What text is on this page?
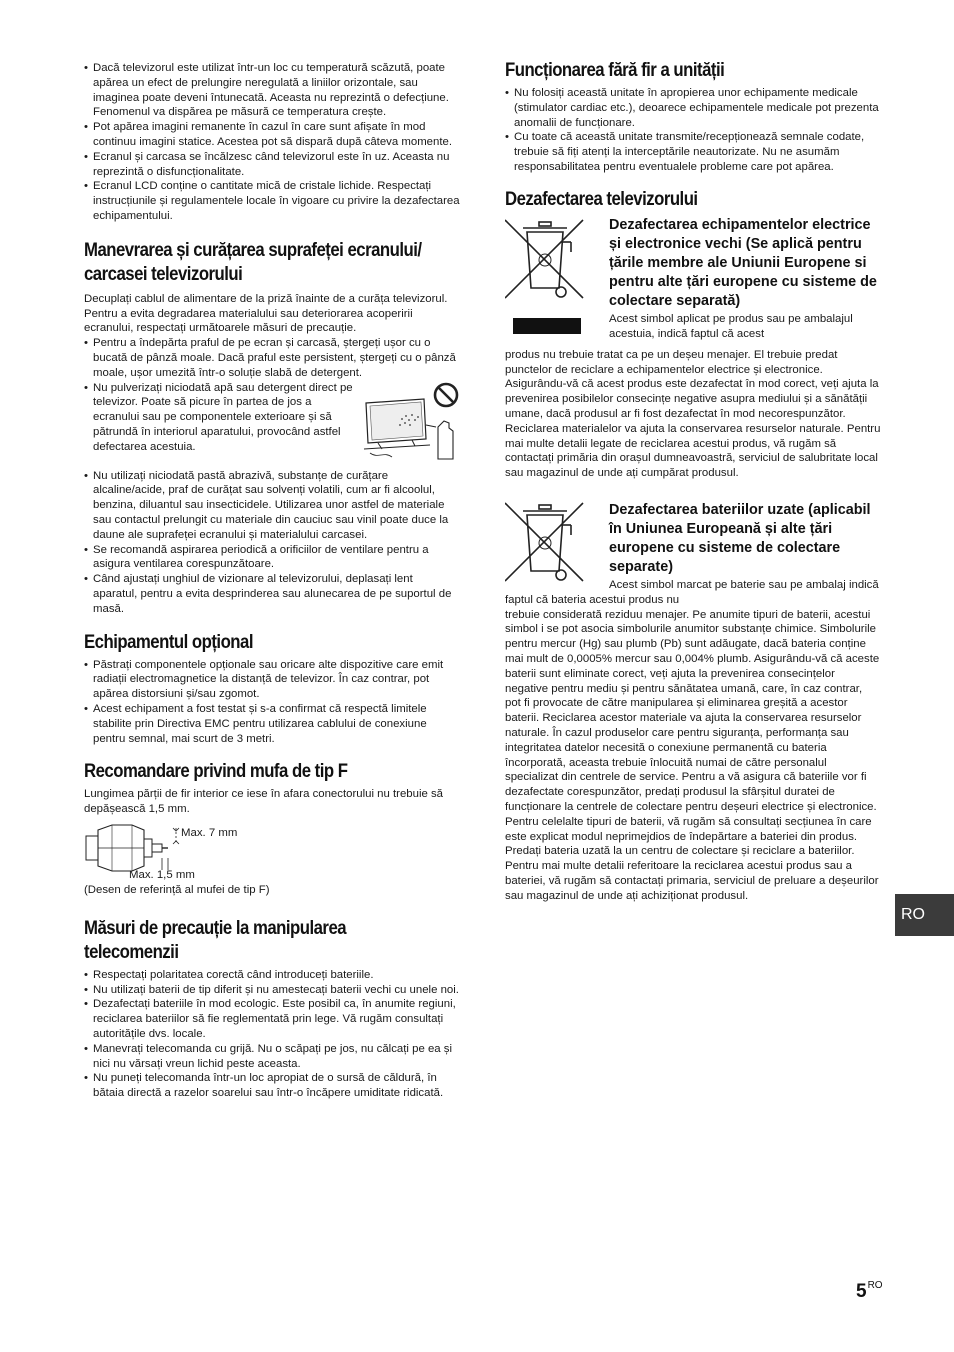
• Dacă televizorul este utilizat într-un loc cu temperatură scăzută, poate apărea un efect de prelungire neregulată a liniilor orizontale, sau imaginea poate deveni întunecată. Aceasta nu reprezintă o defecțiune. Fenomenul va dispărea pe măsură ce temperatura crește.
• Pot apărea imagini remanente în cazul în care sunt afișate în mod continuu imagini statice. Acestea pot să dispară după câteva momente.
• Ecranul și carcasa se încălzesc când televizorul este în uz. Aceasta nu reprezintă o disfuncționalitate.
• Ecranul LCD conține o cantitate mică de cristale lichide. Respectați instrucțiunile și regulamentele locale în vigoare cu privire la dezafectarea echipamentului.
Manevrarea și curățarea suprafeței ecranului/ carcasei televizorului

Decuplați cablul de alimentare de la priză înainte de a curăța televizorul.

Pentru a evita degradarea materialului sau deteriorarea acoperirii ecranului, respectați următoarele măsuri de precauție.

• Pentru a îndepărta praful de pe ecran și carcasă, ștergeți ușor cu o bucată de pânză moale. Dacă praful este persistent, ștergeți cu o pânză moale, ușor umezită într-o soluție slabă de detergent.
• Nu pulverizați niciodată apă sau detergent direct pe televizor. Poate să picure în partea de jos a ecranului sau pe componentele exterioare și să pătrundă în interiorul aparatului, provocând astfel defectarea acestuia.
• Nu utilizați niciodată pastă abrazivă, substanțe de curățare alcaline/acide, praf de curățat sau solvenți volatili, cum ar fi alcoolul, benzina, diluantul sau insecticidele. Utilizarea unor astfel de materiale sau contactul prelungit cu materiale din cauciuc sau vinil poate duce la daune ale suprafeței ecranului și materialului carcasei.
• Se recomandă aspirarea periodică a orificiilor de ventilare pentru a asigura ventilarea corespunzătoare.
• Când ajustați unghiul de vizionare al televizorului, deplasați lent aparatul, pentru a evita desprinderea sau alunecarea de pe suportul de masă.
Echipamentul opțional
• Păstrați componentele opționale sau oricare alte dispozitive care emit radiații electromagnetice la distanță de televizor. În caz contrar, pot apărea distorsiuni și/sau zgomot.
• Acest echipament a fost testat și s-a confirmat că respectă limitele stabilite prin Directiva EMC pentru utilizarea cablului de conexiune pentru semnal, mai scurt de 3 metri.
Recomandare privind mufa de tip F

Lungimea părții de fir interior ce iese în afara conectorului nu trebuie să depășească 1,5 mm.

Max. 7 mm
Max. 1,5 mm
(Desen de referință al mufei de tip F)
Măsuri de precauție la manipularea telecomenzii
• Respectați polaritatea corectă când introduceți bateriile.
• Nu utilizați baterii de tip diferit și nu amestecați baterii vechi cu unele noi.
• Dezafectați bateriile în mod ecologic. Este posibil ca, în anumite regiuni, reciclarea bateriilor să fie reglementată prin lege. Vă rugăm consultați autoritățile dvs. locale.
• Manevrați telecomanda cu grijă. Nu o scăpați pe jos, nu călcați pe ea și nici nu vărsați vreun lichid peste aceasta.
• Nu puneți telecomanda într-un loc apropiat de o sursă de căldură, în bătaia directă a razelor soarelui sau într-o încăpere umiditate ridicată.
Funcționarea fără fir a unității
• Nu folosiți această unitate în apropierea unor echipamente medicale (stimulator cardiac etc.), deoarece echipamentele medicale pot prezenta anomalii de funcționare.
• Cu toate că această unitate transmite/recepționează semnale codate, trebuie să fiți atenți la interceptările neautorizate. Nu ne asumăm responsabilitatea pentru eventualele probleme care pot apărea.
Dezafectarea televizorului
Dezafectarea echipamentelor electrice și electronice vechi (Se aplică pentru țările membre ale Uniunii Europene si pentru alte țări europene cu sisteme de colectare separată)

Acest simbol aplicat pe produs sau pe ambalajul acestuia, indică faptul că acest

produs nu trebuie tratat ca pe un deșeu menajer. El trebuie predat punctelor de reciclare a echipamentelor electrice și electronice. Asigurându-vă că acest produs este dezafectat în mod corect, veți ajuta la prevenirea posibilelor consecințe negative asupra mediului și a sănătății umane, dacă produsul ar fi fost dezafectat în mod necorespunzător. Reciclarea materialelor va ajuta la conservarea resurselor naturale. Pentru mai multe detalii legate de reciclarea acestui produs, vă rugăm să contactați primăria din orașul dumneavoastră, serviciul de salubritate local sau magazinul de unde ați cumpărat produsul.

Dezafectarea bateriilor uzate (aplicabil în Uniunea Europeană și alte țări europene cu sisteme de colectare separate)

Acest simbol marcat pe baterie sau pe ambalaj indică faptul că bateria acestui produs nu

trebuie considerată reziduu menajer. Pe anumite tipuri de baterii, acestui simbol i se pot asocia simbolurile anumitor substanțe chimice. Simbolurile pentru mercur (Hg) sau plumb (Pb) sunt adăugate, dacă bateria conține mai mult de 0,0005% mercur sau 0,004% plumb. Asigurându-vă că aceste baterii sunt eliminate corect, veți ajuta la prevenirea consecințelor negative pentru mediu și pentru sănătatea umană, care, în caz contrar, pot fi provocate de către manipularea și eliminarea greșită a acestor baterii. Reciclarea acestor materiale va ajuta la conservarea resurselor naturale. În cazul produselor care pentru siguranța, performanța sau integritatea datelor necesită o conexiune permanentă cu bateria încorporată, aceasta trebuie înlocuită numai de către personalul specializat din centrele de service. Pentru a vă asigura că bateriile vor fi dezafectate corespunzător, predați produsul la sfârșitul duratei de funcționare la centrele de colectare pentru deșeuri electrice și electronice. Pentru celelalte tipuri de baterii, vă rugăm să consultați secțiunea în care este explicat modul neprimejdios de îndepărtare a bateriei din produs. Predați bateria uzată la un centru de colectare și reciclare a bateriilor. Pentru mai multe detalii referitoare la reciclarea acestui produs sau a bateriei, vă rugăm să contactați primaria, serviciul de preluare a deșeurilor sau magazinul de unde ați achiziționat produsul.

RO
$5^{RO}$
